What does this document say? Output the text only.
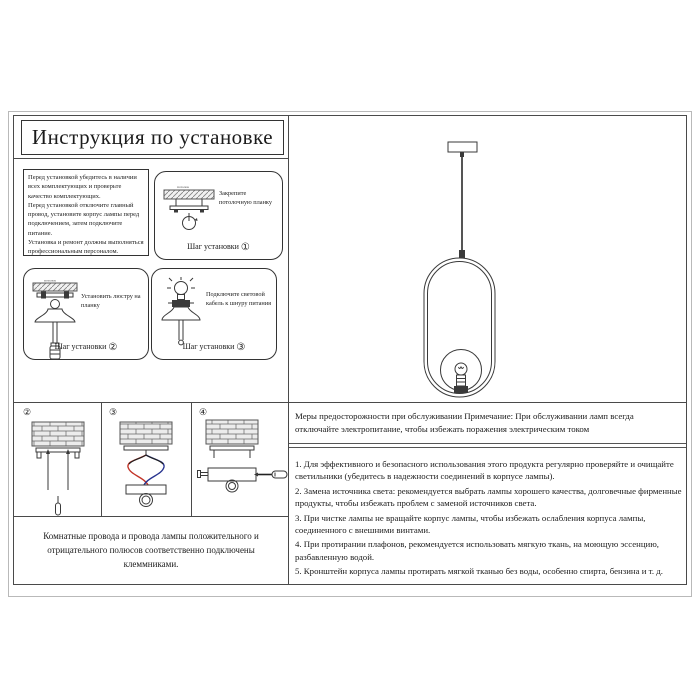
Инструкция по установке

Перед установкой убедитесь в наличии всех комплектующих и проверьте качество комплектующих.

Перед установкой отключите главный провод, установите корпус лампы перед подключением, затем подключите питание.

Установка и ремонт должны выполняться профессиональным персоналом.

потолок
Закрепите потолочную планку
Шаг установки ①
потолок
Установить люстру на планку
Шаг установки ②
Подключите световой кабель к шнуру питания
Шаг установки ③
②	③	④
Комнатные провода и провода лампы положительного и отрицательного полюсов соответственно подключены клеммниками.
Меры предосторожности при обслуживании Примечание: При обслуживании ламп всегда отключайте электропитание, чтобы избежать поражения электрическим током
1. Для эффективного и безопасного использования этого продукта регулярно проверяйте и очищайте светильники (убедитесь в надежности соединений в корпусе лампы).
2. Замена источника света: рекомендуется выбрать лампы хорошего качества, долговечные фирменные продукты, чтобы избежать проблем с заменой источников света.
3. При чистке лампы не вращайте корпус лампы, чтобы избежать ослабления корпуса лампы, соединенного с внешними винтами.
4. При протирании плафонов, рекомендуется использовать мягкую ткань, на моющую эссенцию, разбавленную водой.
5. Кронштейн корпуса лампы протирать мягкой тканью без воды, особенно спирта, бензина и т. д.
